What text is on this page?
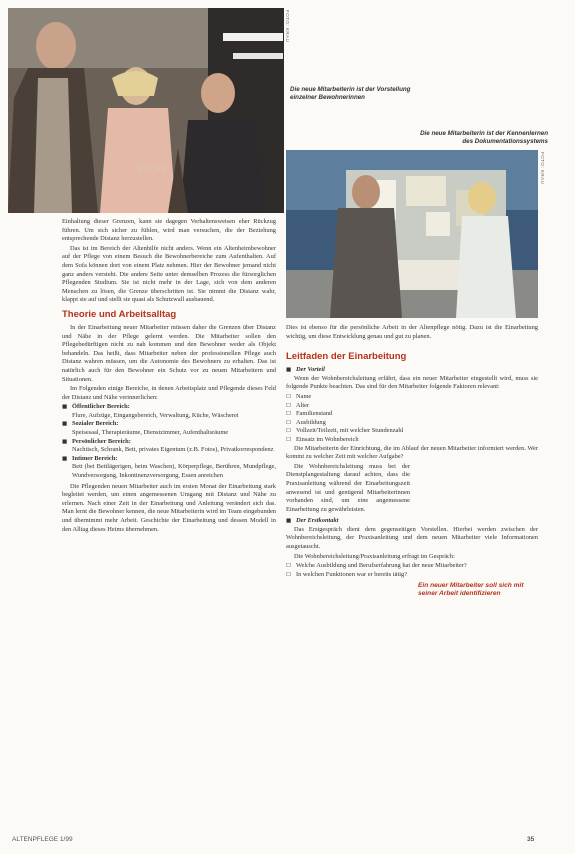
WDR
FOTO: KRAU
Die neue Mitarbeiterin ist der Vorstellung einzelner Bewohnerinnen
Die neue Mitarbeiterin ist der Kennenlernen des Dokumentationssystems
FOTO: KRAU

Einhaltung dieser Grenzen, kann sie dagegen Verhaltensweisen eher Rückzug führen. Um sich sicher zu fühlen, wird man versuchen, die der Beziehung entsprechende Distanz herzustellen.

Das ist im Bereich der Altenhilfe nicht anders. Wenn ein Altenheimbewohner auf der Pflege von einem Besuch die Bewohnerbereiche zum Aufenthalten. Auf dem Sofa können dort von einem Platz nehmen. Hier der Bewohner jemand nicht ganz anders versteht. Die andere Seite unter demselben Prozess die fürsorglichen Pflegenden Studium. Sie ist nicht mehr in der Lage, sich von dem anderen Menschen zu lösen, die Grenze überschritten ist. Sie nimmt die Distanz wahr, klappt sie auf und stellt sie quasi als Schutzwall ausbauend.

Theorie und Arbeitsalltag

In der Einarbeitung neuer Mitarbeiter müssen daher die Grenzen über Distanz und Nähe in der Pflege gelernt werden. Die Mitarbeiter sollen den Pflegebedürftigen nicht zu nah kommen und den Bewohner weder als Objekt behandeln. Das heißt, dass Mitarbeiter neben der professionellen Pflege auch Distanz wahren müssen, um die Autonomie des Bewohners zu erhalten. Das ist natürlich auch für den Bewohner ein Schutz vor zu neuen Mitarbeitern und Situationen.

Im Folgenden einige Bereiche, in denen Arbeitsplatz und Pflegende dieses Feld der Distanz und Nähe verinnerlichen:

■ Öffentlicher Bereich:
Flure, Aufzüge, Eingangsbereich, Verwaltung, Küche, Wäscherei
■ Sozialer Bereich:
Speisesaal, Therapieräume, Dienstzimmer, Aufenthaltsräume
■ Persönlicher Bereich:
Nachtisch, Schrank, Bett, privates Eigentum (z.B. Fotos), Privatkorrespondenz
■ Intimer Bereich:
Bett (bei Bettlägerigen, beim Waschen), Körperpflege, Berühren, Mundpflege, Wundversorgung, Inkontinenzversorgung, Essen anreichen

Die Pflegenden neuen Mitarbeiter auch im ersten Monat der Einarbeitung stark begleitet werden, um einen angemessenen Umgang mit Distanz und Nähe zu erlernen. Nach einer Zeit in der Einarbeitung und Anleitung verändert sich das. Man lernt die Bewohner kennen, die neue Mitarbeiterin wird im Team eingebunden und übernimmt mehr Arbeit. Geschichte der Einarbeitung und dessen Modell in den Alltag dieses Heims übernehmen.

Dies ist ebenso für die persönliche Arbeit in der Altenpflege nötig. Dazu ist die Einarbeitung wichtig, um diese Entwicklung genau und gut zu planen.

Leitfaden der Einarbeitung
■ Der Vorteil

Wenn der Wohnbereichsleitung erfährt, dass ein neuer Mitarbeiter eingestellt wird, muss sie folgende Punkte beachten. Das sind für den Mitarbeiter folgende Faktoren relevant:

☐ Name
☐ Alter
☐ Familienstand
☐ Ausbildung
☐ Vollzeit/Teilzeit, mit welcher Stundenzahl
☐ Einsatz im Wohnbereich

Die Mitarbeiterin der Einrichtung, die im Ablauf der neuen Mitarbeiter informiert werden. Wer kommt zu welcher Zeit mit welcher Aufgabe?

Die Wohnbereichsleitung muss bei der Dienstplangestaltung darauf achten, dass die Praxisanleitung während der Einarbeitungszeit anwesend ist und genügend Mitarbeiterinnen vorhanden sind, um eine angemessene Einarbeitung zu gewährleisten.

■ Der Erstkontakt

Das Erstgespräch dient dem gegenseitigen Vorstellen. Hierbei werden zwischen der Wohnbereichsleitung, der Praxisanleitung und dem neuen Mitarbeiter viele Informationen ausgetauscht.

Die Wohnbereichsleitung/Praxisanleitung erfragt im Gespräch:

☐ Welche Ausbildung und Berufserfahrung hat der neue Mitarbeiter?
☐ In welchen Funktionen war er bereits tätig?
Ein neuer Mitarbeiter soll sich mit seiner Arbeit identifizieren
ALTENPFLEGE 1/99	35
